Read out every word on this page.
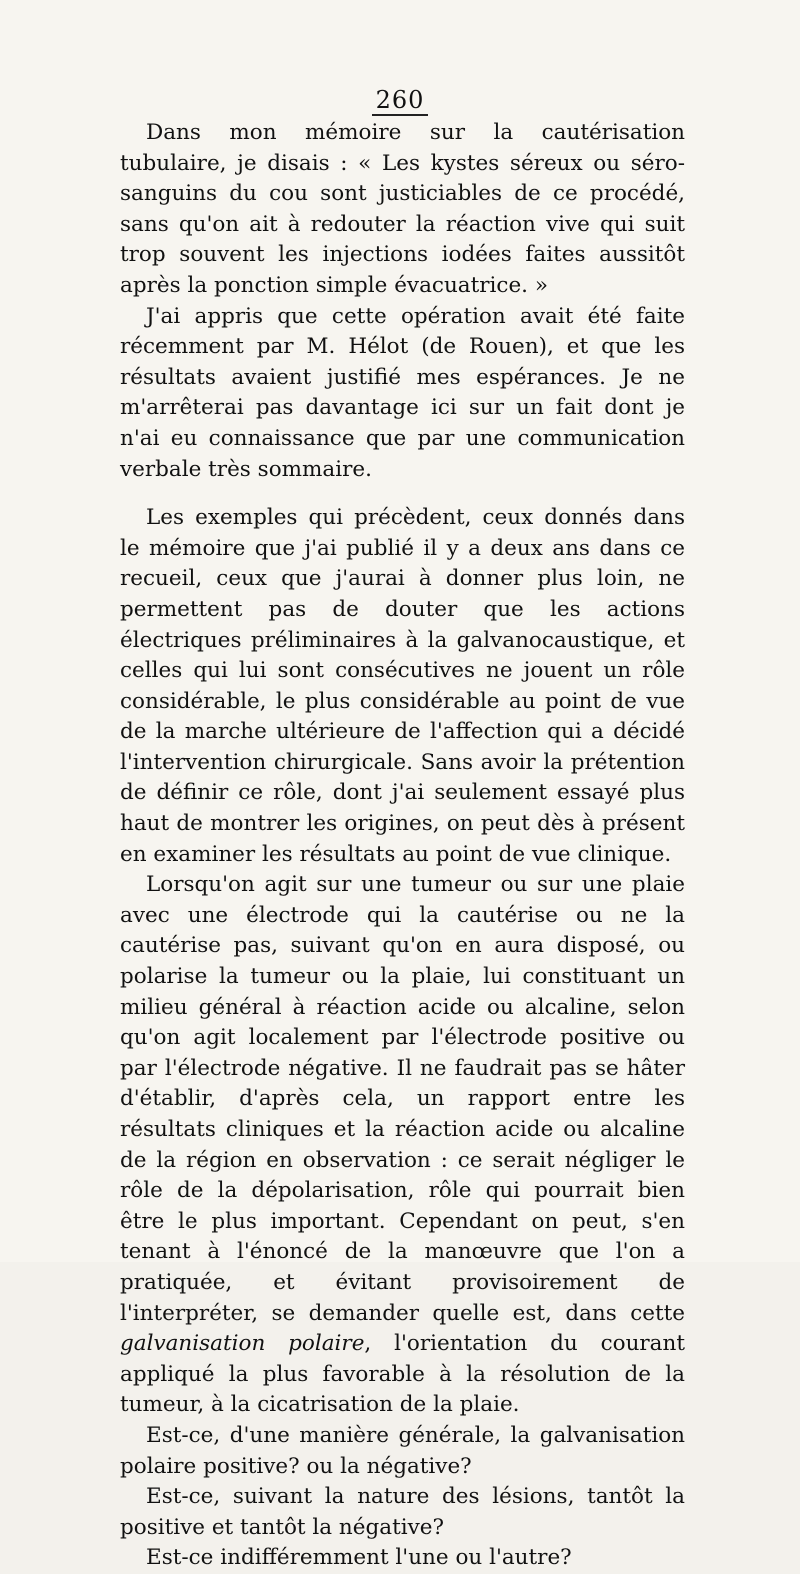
260

Dans mon mémoire sur la cautérisation tubulaire, je disais : « Les kystes séreux ou séro-sanguins du cou sont justiciables de ce procédé, sans qu'on ait à redouter la réaction vive qui suit trop souvent les injections iodées faites aussitôt après la ponction simple évacuatrice. »

J'ai appris que cette opération avait été faite récemment par M. Hélot (de Rouen), et que les résultats avaient justifié mes espérances. Je ne m'arrêterai pas davantage ici sur un fait dont je n'ai eu connaissance que par une communication verbale très sommaire.

Les exemples qui précèdent, ceux donnés dans le mémoire que j'ai publié il y a deux ans dans ce recueil, ceux que j'aurai à donner plus loin, ne permettent pas de douter que les actions électriques préliminaires à la galvanocaustique, et celles qui lui sont consécutives ne jouent un rôle considérable, le plus considérable au point de vue de la marche ultérieure de l'affection qui a décidé l'intervention chirurgicale. Sans avoir la prétention de définir ce rôle, dont j'ai seulement essayé plus haut de montrer les origines, on peut dès à présent en examiner les résultats au point de vue clinique.

Lorsqu'on agit sur une tumeur ou sur une plaie avec une électrode qui la cautérise ou ne la cautérise pas, suivant qu'on en aura disposé, ou polarise la tumeur ou la plaie, lui constituant un milieu général à réaction acide ou alcaline, selon qu'on agit localement par l'électrode positive ou par l'électrode négative. Il ne faudrait pas se hâter d'établir, d'après cela, un rapport entre les résultats cliniques et la réaction acide ou alcaline de la région en observation : ce serait négliger le rôle de la dépolarisation, rôle qui pourrait bien être le plus important. Cependant on peut, s'en tenant à l'énoncé de la manœuvre que l'on a pratiquée, et évitant provisoirement de l'interpréter, se demander quelle est, dans cette galvanisation polaire, l'orientation du courant appliqué la plus favorable à la résolution de la tumeur, à la cicatrisation de la plaie.

Est-ce, d'une manière générale, la galvanisation polaire positive? ou la négative?

Est-ce, suivant la nature des lésions, tantôt la positive et tantôt la négative?

Est-ce indifféremment l'une ou l'autre?
